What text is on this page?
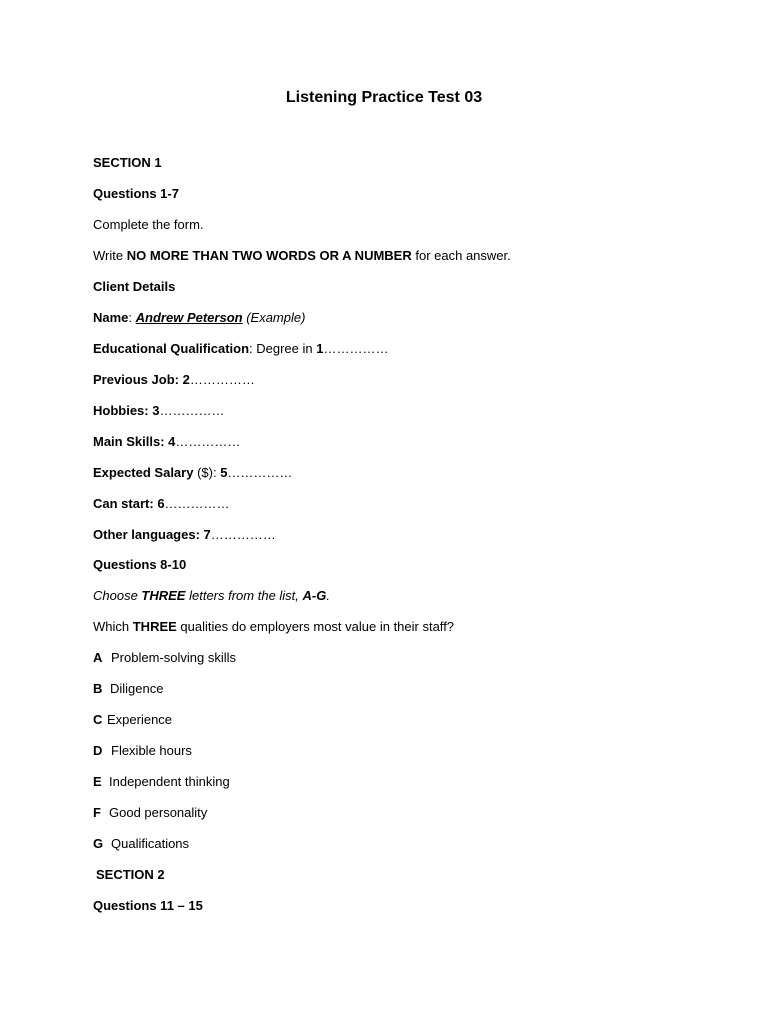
Listening Practice Test 03
SECTION 1
Questions 1-7
Complete the form.
Write NO MORE THAN TWO WORDS OR A NUMBER for each answer.
Client Details
Name: Andrew Peterson (Example)
Educational Qualification: Degree in 1……………
Previous Job: 2……………
Hobbies: 3……………
Main Skills: 4……………
Expected Salary ($): 5……………
Can start: 6……………
Other languages: 7……………
Questions 8-10
Choose THREE letters from the list, A-G.
Which THREE qualities do employers most value in their staff?
A Problem-solving skills
B Diligence
C Experience
D Flexible hours
E Independent thinking
F Good personality
G Qualifications
SECTION 2
Questions 11 – 15
